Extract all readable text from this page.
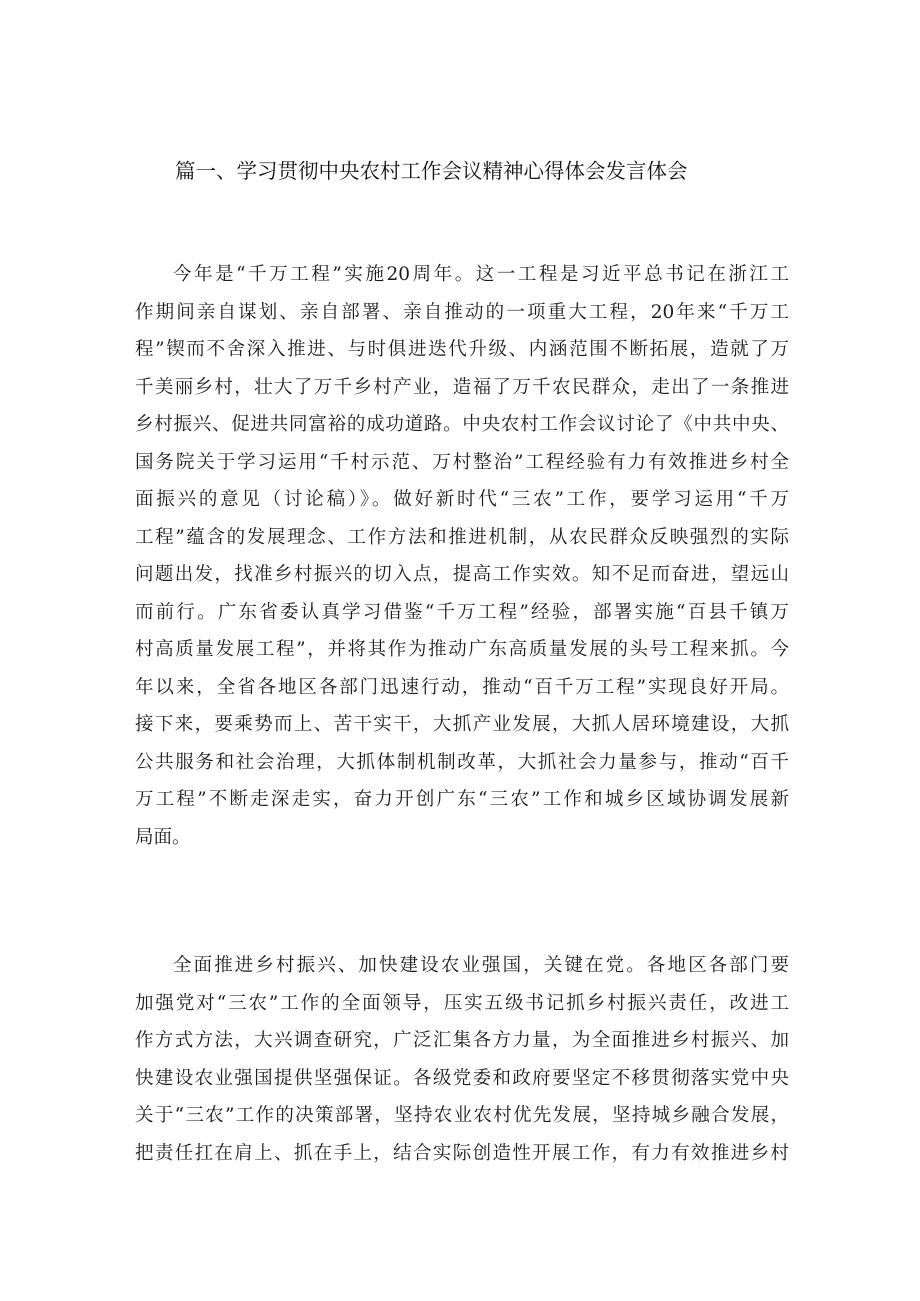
篇一、学习贯彻中央农村工作会议精神心得体会发言体会
今年是“千万工程”实施20周年。这一工程是习近平总书记在浙江工
作期间亲自谋划、亲自部署、亲自推动的一项重大工程，20年来“千万工
程”锲而不舍深入推进、与时俱进迭代升级、内涵范围不断拓展，造就了万
千美丽乡村，壮大了万千乡村产业，造福了万千农民群众，走出了一条推进
乡村振兴、促进共同富裕的成功道路。中央农村工作会议讨论了《中共中央、
国务院关于学习运用“千村示范、万村整治”工程经验有力有效推进乡村全
面振兴的意见（讨论稿）》。做好新时代“三农”工作，要学习运用“千万
工程”蕴含的发展理念、工作方法和推进机制，从农民群众反映强烈的实际
问题出发，找准乡村振兴的切入点，提高工作实效。知不足而奋进，望远山
而前行。广东省委认真学习借鉴“千万工程”经验，部署实施“百县千镇万
村高质量发展工程”，并将其作为推动广东高质量发展的头号工程来抓。今
年以来，全省各地区各部门迅速行动，推动“百千万工程”实现良好开局。
接下来，要乘势而上、苦干实干，大抓产业发展，大抓人居环境建设，大抓
公共服务和社会治理，大抓体制机制改革，大抓社会力量参与，推动“百千
万工程”不断走深走实，奋力开创广东“三农”工作和城乡区域协调发展新
局面。
全面推进乡村振兴、加快建设农业强国，关键在党。各地区各部门要
加强党对“三农”工作的全面领导，压实五级书记抓乡村振兴责任，改进工
作方式方法，大兴调查研究，广泛汇集各方力量，为全面推进乡村振兴、加
快建设农业强国提供坚强保证。各级党委和政府要坚定不移贯彻落实党中央
关于“三农”工作的决策部署，坚持农业农村优先发展，坚持城乡融合发展，
把责任扛在肩上、抓在手上，结合实际创造性开展工作，有力有效推进乡村
